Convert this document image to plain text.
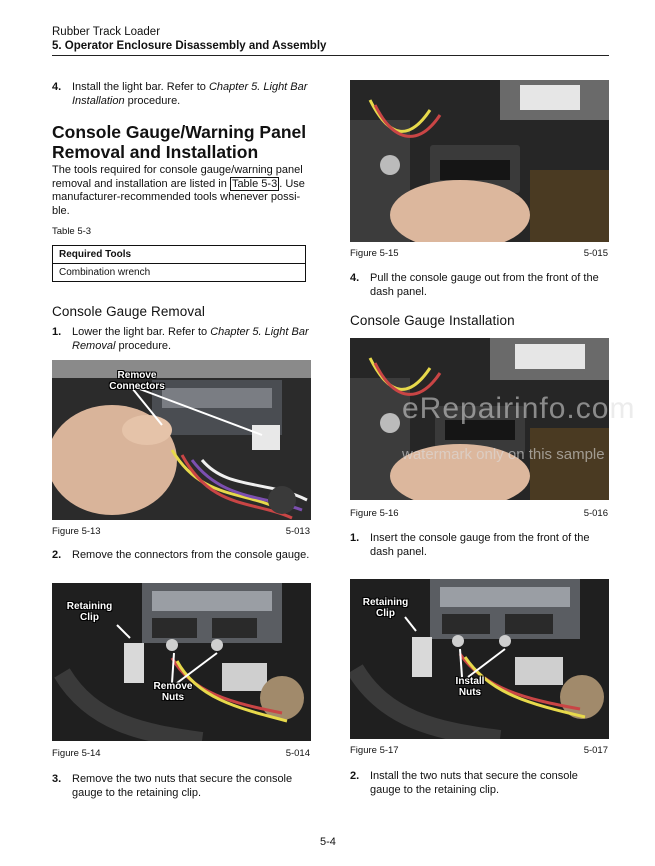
Rubber Track Loader
5. Operator Enclosure Disassembly and Assembly
4. Install the light bar. Refer to Chapter 5. Light Bar Installation procedure.
Console Gauge/Warning Panel
Removal and Installation
The tools required for console gauge/warning panel
removal and installation are listed in Table 5-3 . Use
manufacturer-recommended tools whenever possi-
ble.
Table 5-3
Required Tools
Combination wrench
Console Gauge Removal
1. Lower the light bar. Refer to Chapter 5. Light Bar Removal procedure.
Remove Connectors
Figure 5-13	5-013
2. Remove the connectors from the console gauge.
Retaining Clip
Remove Nuts
Figure 5-14	5-014
3. Remove the two nuts that secure the console
gauge to the retaining clip.
Figure 5-15	5-015
4. Pull the console gauge out from the front of the
dash panel.
Console Gauge Installation
eRepairinfo.com
watermark only on this sample
Figure 5-16	5-016
1. Insert the console gauge from the front of the
dash panel.
Retaining Clip
Install Nuts
Figure 5-17	5-017
2. Install the two nuts that secure the console
gauge to the retaining clip.
5-4
